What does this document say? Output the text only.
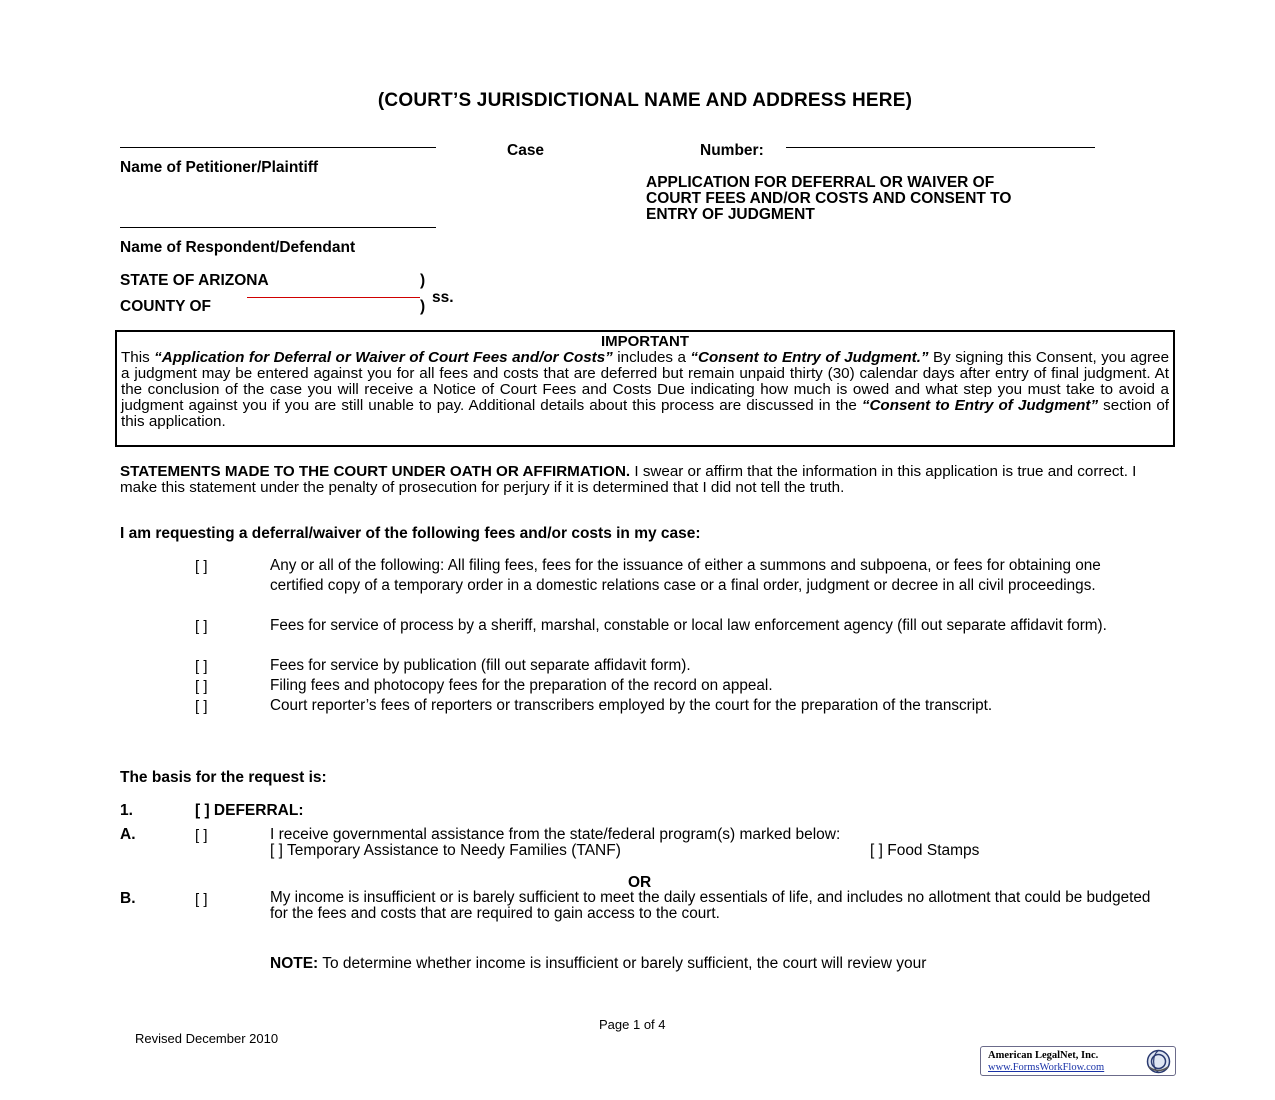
(COURT’S JURISDICTIONAL NAME AND ADDRESS HERE)
Name of Petitioner/Plaintiff
Case	Number:
APPLICATION FOR DEFERRAL OR WAIVER OF
COURT FEES AND/OR COSTS AND CONSENT TO
ENTRY OF JUDGMENT
Name of Respondent/Defendant
STATE OF ARIZONA	)
ss.
COUNTY OF	)
IMPORTANT
This “Application for Deferral or Waiver of Court Fees and/or Costs” includes a “Consent to Entry of Judgment.” By signing this Consent, you agree a judgment may be entered against you for all fees and costs that are deferred but remain unpaid thirty (30) calendar days after entry of final judgment. At the conclusion of the case you will receive a Notice of Court Fees and Costs Due indicating how much is owed and what step you must take to avoid a judgment against you if you are still unable to pay. Additional details about this process are discussed in the “Consent to Entry of Judgment” section of this application.
STATEMENTS MADE TO THE COURT UNDER OATH OR AFFIRMATION. I swear or affirm that the information in this application is true and correct. I make this statement under the penalty of prosecution for perjury if it is determined that I did not tell the truth.
I am requesting a deferral/waiver of the following fees and/or costs in my case:
[ ]	Any or all of the following: All filing fees, fees for the issuance of either a summons and subpoena, or fees for obtaining one certified copy of a temporary order in a domestic relations case or a final order, judgment or decree in all civil proceedings.
[ ]	Fees for service of process by a sheriff, marshal, constable or local law enforcement agency (fill out separate affidavit form).
[ ]	Fees for service by publication (fill out separate affidavit form).
[ ]	Filing fees and photocopy fees for the preparation of the record on appeal.
[ ]	Court reporter’s fees of reporters or transcribers employed by the court for the preparation of the transcript.
The basis for the request is:
1.	[ ] DEFERRAL:
A.	[ ]	I receive governmental assistance from the state/federal program(s) marked below:
[ ] Temporary Assistance to Needy Families (TANF)	[ ] Food Stamps
OR
B.	[ ]	My income is insufficient or is barely sufficient to meet the daily essentials of life, and includes no allotment that could be budgeted for the fees and costs that are required to gain access to the court.
NOTE: To determine whether income is insufficient or barely sufficient, the court will review your
Page 1 of 4
Revised December 2010
American LegalNet, Inc.
www.FormsWorkFlow.com
